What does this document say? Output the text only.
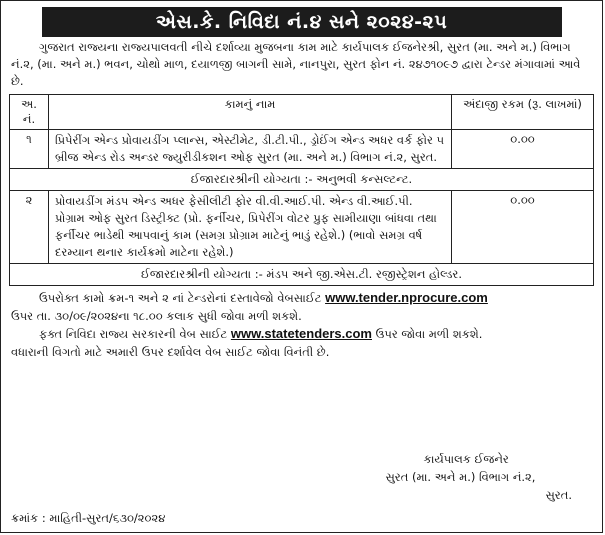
એસ.કે. નિવિદા નં.૪ સને ૨૦૨૪-૨૫
ગુજરાત રાજ્યના રાજ્યપાલવતી નીચે દર્શાવ્યા મુજબના કામ માટે કાર્યપાલક ઈજનેરશ્રી, સુરત (મા. અને મ.) વિભાગ નં.૨, (મા. અને મ.) ભવન, ચોથો માળ, દયાળજી બાગની સામે, નાનપુરા, સુરત ફોન નં. ૨૪૭૧૦૯૭ દ્વારા ટેન્ડર મંગાવામાં આવે છે.
અ. નં.	કામનું નામ	અંદાજી રકમ (રૂ. લાખમાં)
૧	પ્રિપેરીંગ એન્ડ પ્રોવાયડીંગ પ્લાન્સ, એસ્ટીમેટ, ડી.ટી.પી., ડ્રોઈંગ એન્ડ અધર વર્ક ફોર ૫ બ્રીજ એન્ડ રોડ અન્ડર જ્યુરીડીકશન ઓફ સુરત (મા. અને મ.) વિભાગ નં.૨, સુરત.	૦.૦૦
ઈજારદારશ્રીની યોગ્યતા :- અનુભવી કન્સલ્ટન્ટ.		
૨	પ્રોવાયડીંગ મંડપ એન્ડ અધર ફેસીલીટી ફોર વી.વી.આઈ.પી. એન્ડ વી.આઈ.પી. પ્રોગ્રામ ઓફ સુરત ડિસ્ટ્રીક્ટ (પ્રો. ફર્નીચર, પ્રિપેરીંગ વોટર પ્રુફ સામીયાણા બાંધવા તથા ફર્નીચર ભાડેથી આપવાનું કામ (સમગ્ર પ્રોગ્રામ માટેનું ભાડું રહેશે.) (ભાવો સમગ્ર વર્ષ દરમ્યાન થનાર કાર્યક્રમો માટેના રહેશે.)	૦.૦૦
ઈજારદારશ્રીની યોગ્યતા :- મંડપ અને જી.એસ.ટી. રજીસ્ટ્રેશન હોલ્ડર.		

ઉપરોક્ત કામો ક્રમ-૧ અને ૨ નાં ટેન્ડરોનાં દસ્તાવેજો વેબસાઈટ www.tender.nprocure.com

ઉપર તા. ૩૦/૦૯/૨૦૨૪ના ૧૮.૦૦ કલાક સુધી જોવા મળી શકશે.

ફક્ત નિવિદા રાજ્ય સરકારની વેબ સાઈટ www.statetenders.com ઉપર જોવા મળી શકશે.

વધારાની વિગતો માટે અમારી ઉપર દર્શાવેલ વેબ સાઈટ જોવા વિનંતી છે.

કાર્યપાલક ઈજનેર
સુરત (મા. અને મ.) વિભાગ નં.૨,
સુરત.
ક્રમાંક : માહિતી-સુરત/૬૩૦/૨૦૨૪
